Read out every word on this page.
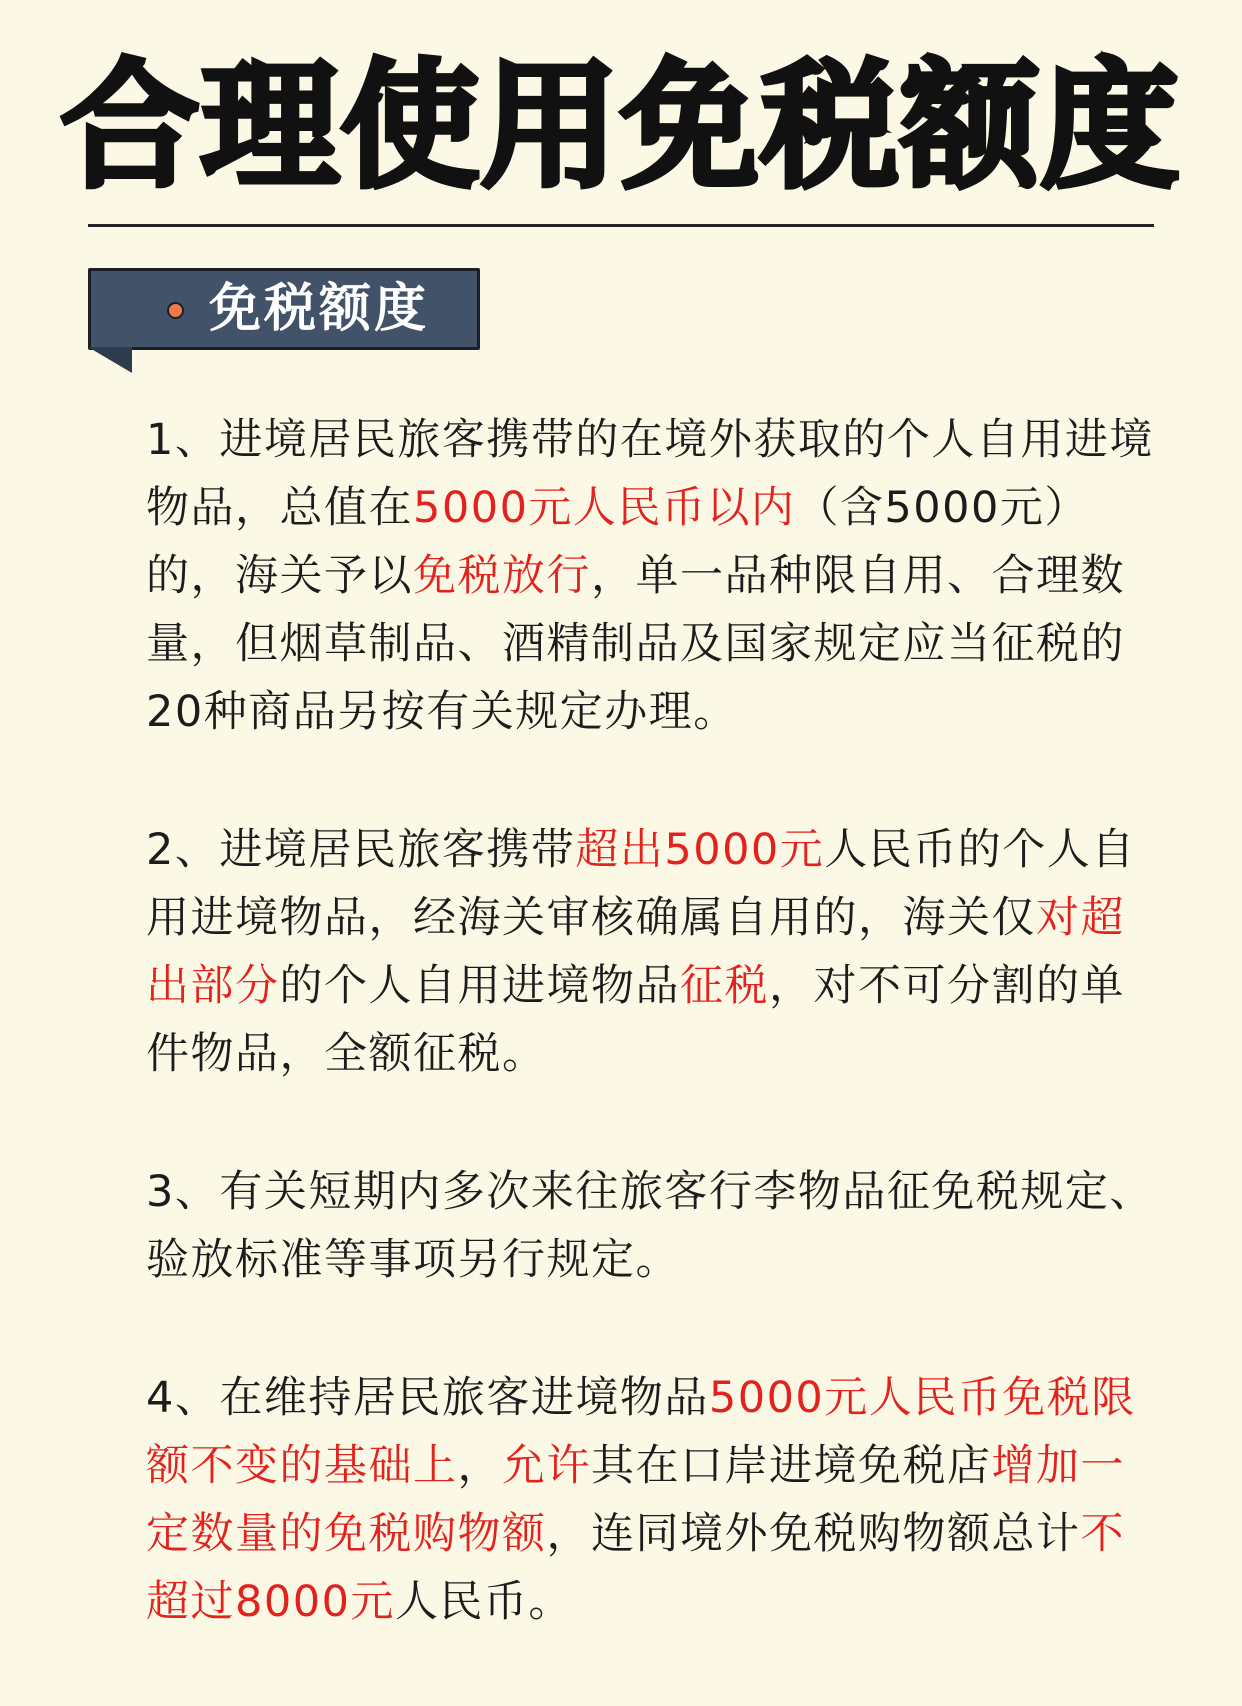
合理使用免税额度
免税额度

1、进境居民旅客携带的在境外获取的个人自用进境物品，总值在5000元人民币以内（含5000元）的，海关予以免税放行，单一品种限自用、合理数量，但烟草制品、酒精制品及国家规定应当征税的20种商品另按有关规定办理。

2、进境居民旅客携带超出5000元人民币的个人自用进境物品，经海关审核确属自用的，海关仅对超出部分的个人自用进境物品征税，对不可分割的单件物品，全额征税。

3、有关短期内多次来往旅客行李物品征免税规定、验放标准等事项另行规定。

4、在维持居民旅客进境物品5000元人民币免税限额不变的基础上，允许其在口岸进境免税店增加一定数量的免税购物额，连同境外免税购物额总计不超过8000元人民币。
